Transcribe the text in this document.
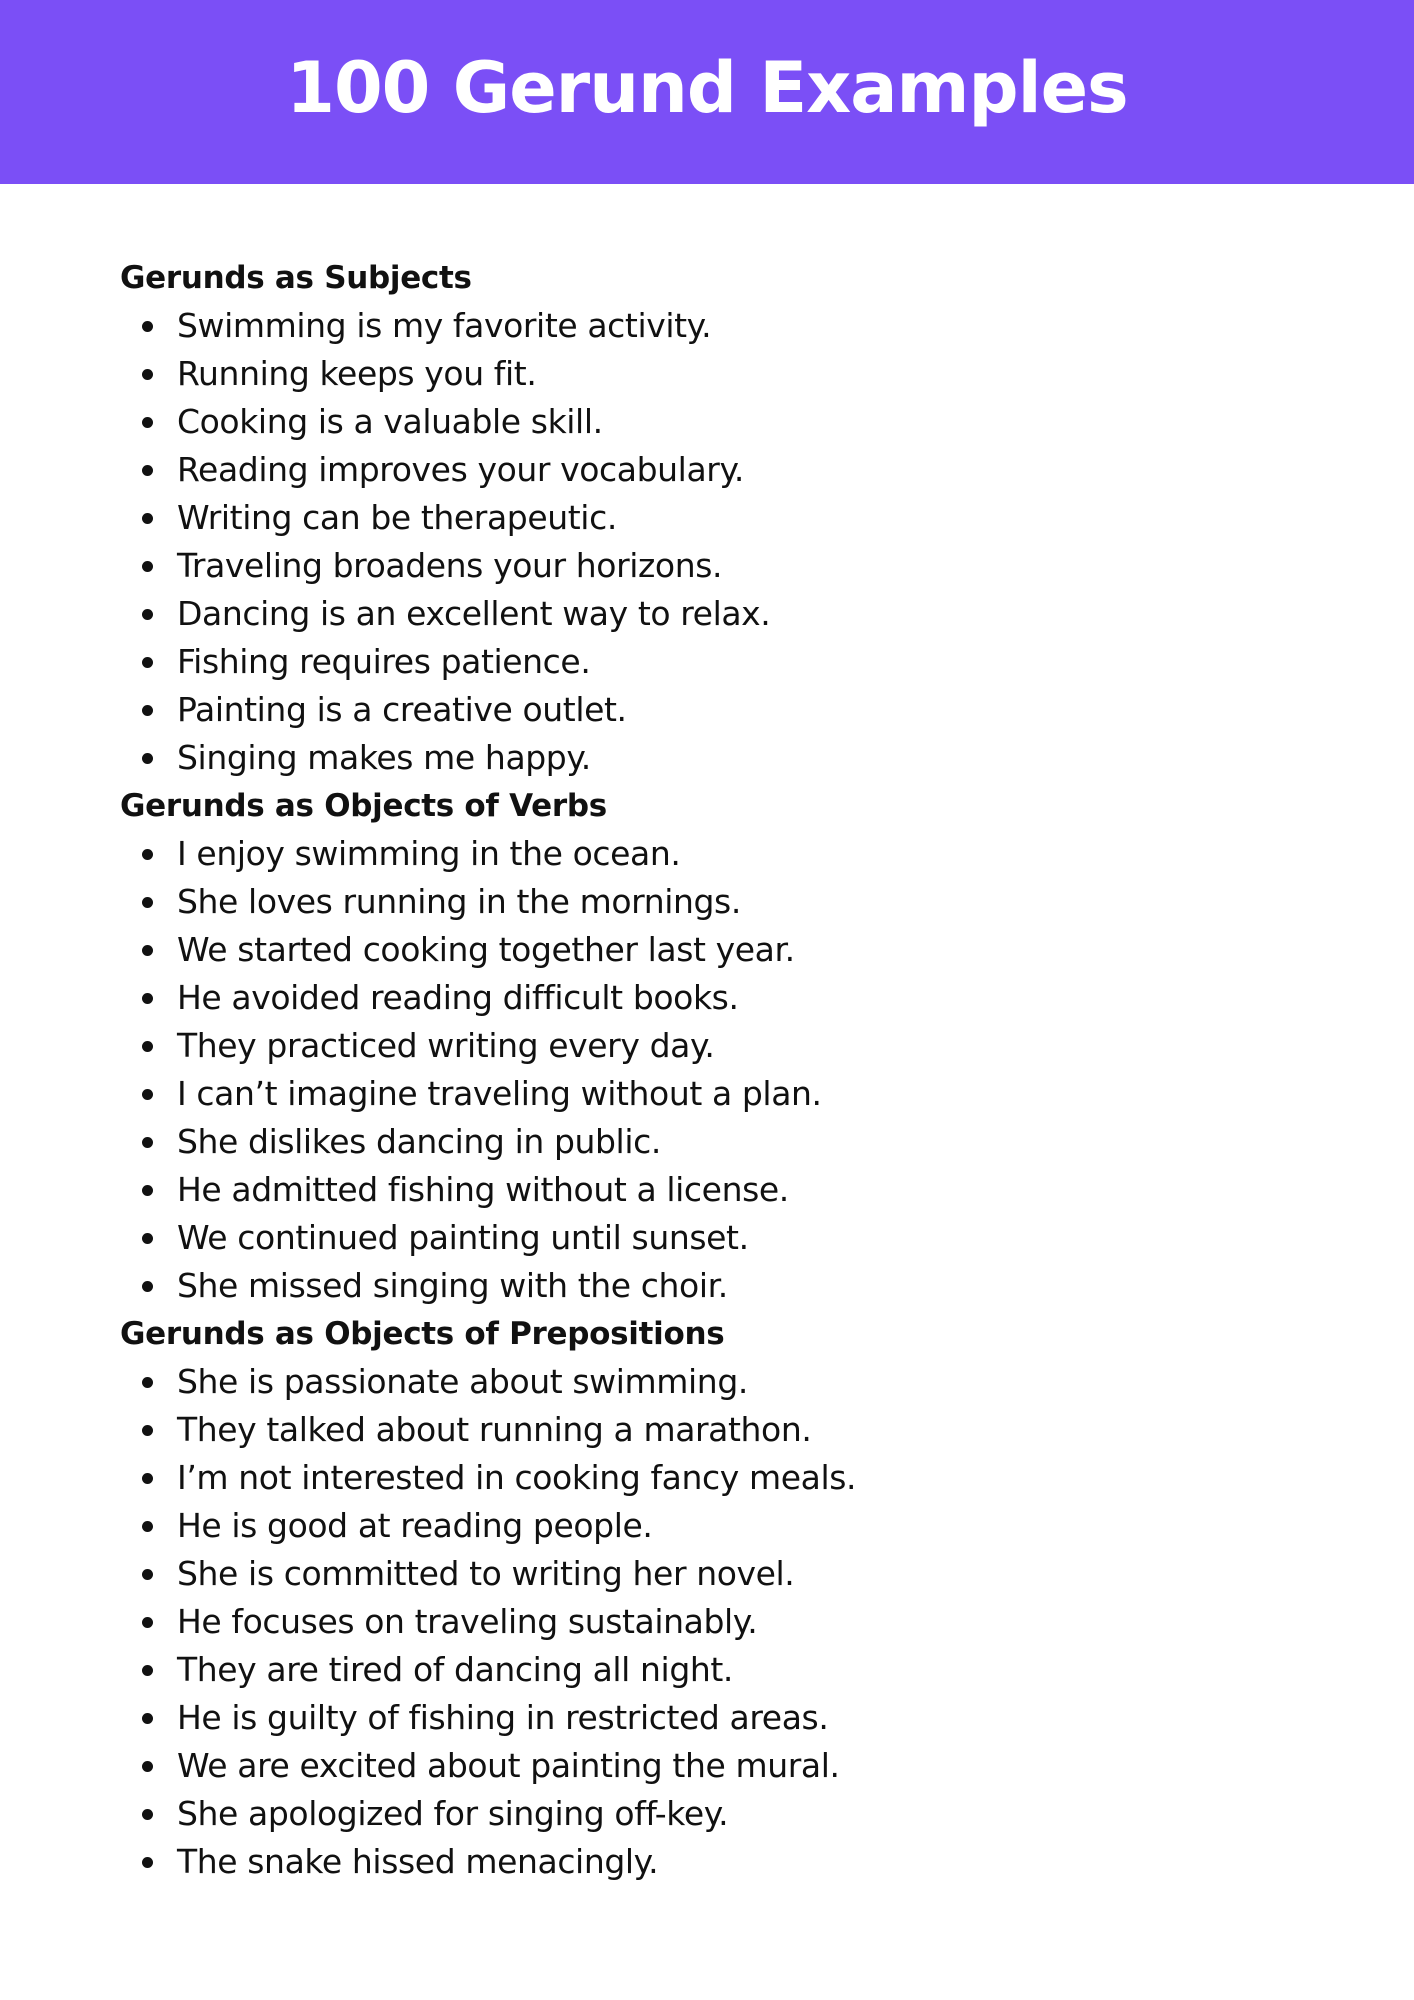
100 Gerund Examples
Gerunds as Subjects
Swimming is my favorite activity.
Running keeps you fit.
Cooking is a valuable skill.
Reading improves your vocabulary.
Writing can be therapeutic.
Traveling broadens your horizons.
Dancing is an excellent way to relax.
Fishing requires patience.
Painting is a creative outlet.
Singing makes me happy.
Gerunds as Objects of Verbs
I enjoy swimming in the ocean.
She loves running in the mornings.
We started cooking together last year.
He avoided reading difficult books.
They practiced writing every day.
I can’t imagine traveling without a plan.
She dislikes dancing in public.
He admitted fishing without a license.
We continued painting until sunset.
She missed singing with the choir.
Gerunds as Objects of Prepositions
She is passionate about swimming.
They talked about running a marathon.
I’m not interested in cooking fancy meals.
He is good at reading people.
She is committed to writing her novel.
He focuses on traveling sustainably.
They are tired of dancing all night.
He is guilty of fishing in restricted areas.
We are excited about painting the mural.
She apologized for singing off-key.
The snake hissed menacingly.
